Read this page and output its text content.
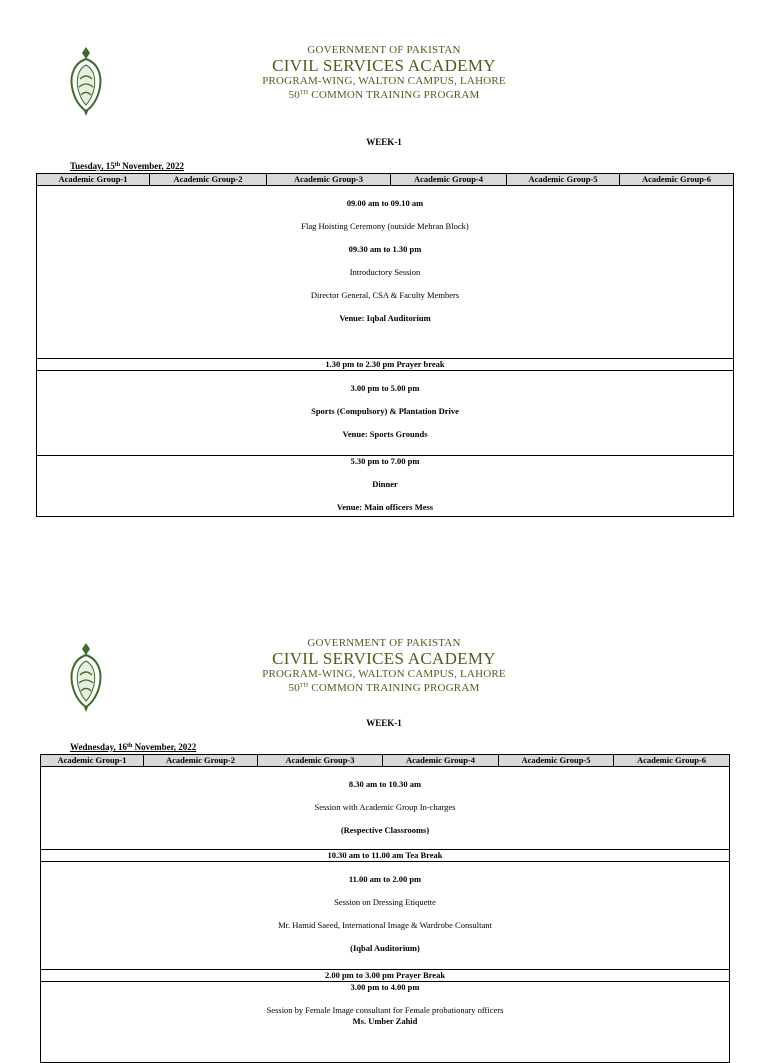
GOVERNMENT OF PAKISTAN
CIVIL SERVICES ACADEMY
PROGRAM-WING, WALTON CAMPUS, LAHORE
50TH COMMON TRAINING PROGRAM
WEEK-1
Tuesday, 15th November, 2022
Academic Group-1	Academic Group-2	Academic Group-3	Academic Group-4	Academic Group-5	Academic Group-6

09.00 am to 09.10 am
Flag Hoisting Ceremony (outside Mehran Block)
09.30 am to 1.30 pm
Introductory Session
Director General, CSA & Faculty Members
Venue: Iqbal Auditorium

1.30 pm to 2.30 pm Prayer break

3.00 pm to 5.00 pm
Sports (Compulsory) & Plantation Drive
Venue: Sports Grounds

5.30 pm to 7.00 pm
Dinner
Venue: Main officers Mess
GOVERNMENT OF PAKISTAN
CIVIL SERVICES ACADEMY
PROGRAM-WING, WALTON CAMPUS, LAHORE
50TH COMMON TRAINING PROGRAM
WEEK-1
Wednesday, 16th November, 2022
Academic Group-1	Academic Group-2	Academic Group-3	Academic Group-4	Academic Group-5	Academic Group-6

8.30 am to 10.30 am
Session with Academic Group In-charges
(Respective Classrooms)

10.30 am to 11.00 am Tea Break

11.00 am to 2.00 pm
Session on Dressing Etiquette
Mr. Hamid Saeed, International Image & Wardrobe Consultant
(Iqbal Auditorium)

2.00 pm to 3.00 pm Prayer Break

3.00 pm to 4.00 pm
Session by Female Image consultant for Female probationary officers
Ms. Umber Zahid
